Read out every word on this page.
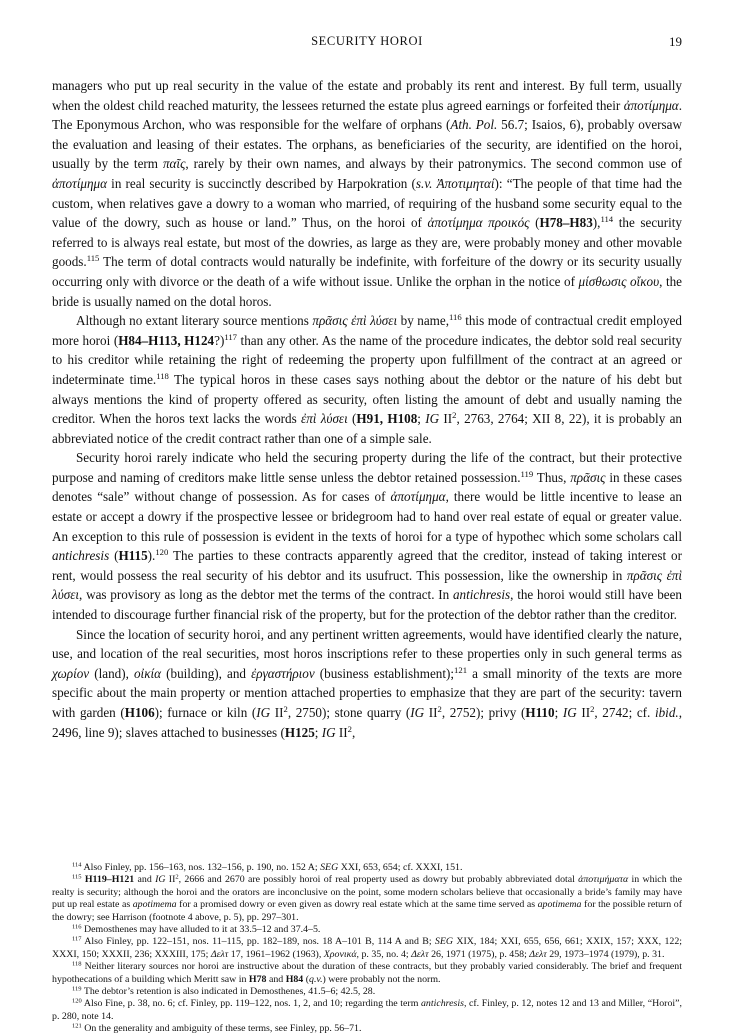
SECURITY HOROI	19

managers who put up real security in the value of the estate and probably its rent and interest. By full term, usually when the oldest child reached maturity, the lessees returned the estate plus agreed earnings or forfeited their ἀποτίμημα. The Eponymous Archon, who was responsible for the welfare of orphans (Ath. Pol. 56.7; Isaios, 6), probably oversaw the evaluation and leasing of their estates. The orphans, as beneficiaries of the security, are identified on the horoi, usually by the term παῖς, rarely by their own names, and always by their patronymics. The second common use of ἀποτίμημα in real security is succinctly described by Harpokration (s.v. Ἀποτιμηταί): “The people of that time had the custom, when relatives gave a dowry to a woman who married, of requiring of the husband some security equal to the value of the dowry, such as house or land.” Thus, on the horoi of ἀποτίμημα προικός (H78–H83),$^{114}$ the security referred to is always real estate, but most of the dowries, as large as they are, were probably money and other movable goods.$^{115}$ The term of dotal contracts would naturally be indefinite, with forfeiture of the dowry or its security usually occurring only with divorce or the death of a wife without issue. Unlike the orphan in the notice of μίσθωσις οἴκου, the bride is usually named on the dotal horos.

Although no extant literary source mentions πρᾶσις ἐπὶ λύσει by name,$^{116}$ this mode of contractual credit employed more horoi (H84–H113, H124?)$^{117}$ than any other. As the name of the procedure indicates, the debtor sold real security to his creditor while retaining the right of redeeming the property upon fulfillment of the contract at an agreed or indeterminate time.$^{118}$ The typical horos in these cases says nothing about the debtor or the nature of his debt but always mentions the kind of property offered as security, often listing the amount of debt and usually naming the creditor. When the horos text lacks the words ἐπὶ λύσει (H91, H108; IG $II^2$, 2763, 2764; XII 8, 22), it is probably an abbreviated notice of the credit contract rather than one of a simple sale.

Security horoi rarely indicate who held the securing property during the life of the contract, but their protective purpose and naming of creditors make little sense unless the debtor retained possession.$^{119}$ Thus, πρᾶσις in these cases denotes “sale” without change of possession. As for cases of ἀποτίμημα, there would be little incentive to lease an estate or accept a dowry if the prospective lessee or bridegroom had to hand over real estate of equal or greater value. An exception to this rule of possession is evident in the texts of horoi for a type of hypothec which some scholars call antichresis (H115).$^{120}$ The parties to these contracts apparently agreed that the creditor, instead of taking interest or rent, would possess the real security of his debtor and its usufruct. This possession, like the ownership in πρᾶσις ἐπὶ λύσει, was provisory as long as the debtor met the terms of the contract. In antichresis, the horoi would still have been intended to discourage further financial risk of the property, but for the protection of the debtor rather than the creditor.

Since the location of security horoi, and any pertinent written agreements, would have identified clearly the nature, use, and location of the real securities, most horos inscriptions refer to these properties only in such general terms as χωρίον (land), οἰκία (building), and ἐργαστήριον (business establishment);$^{121}$ a small minority of the texts are more specific about the main property or mention attached properties to emphasize that they are part of the security: tavern with garden (H106); furnace or kiln (IG $II^2$, 2750); stone quarry (IG $II^2$, 2752); privy (H110; IG $II^2$, 2742; cf. ibid., 2496, line 9); slaves attached to businesses (H125; IG $II^2$,

$^{114}$ Also Finley, pp. 156–163, nos. 132–156, p. 190, no. 152 A; SEG XXI, 653, 654; cf. XXXI, 151.

$^{115}$ H119–H121 and IG $II^2$, 2666 and 2670 are possibly horoi of real property used as dowry but probably abbreviated dotal ἀποτιμήματα in which the realty is security; although the horoi and the orators are inconclusive on the point, some modern scholars believe that occasionally a bride’s family may have put up real estate as apotimema for a promised dowry or even given as dowry real estate which at the same time served as apotimema for the possible return of the dowry; see Harrison (footnote 4 above, p. 5), pp. 297–301.

$^{116}$ Demosthenes may have alluded to it at 33.5–12 and 37.4–5.

$^{117}$ Also Finley, pp. 122–151, nos. 11–115, pp. 182–189, nos. 18 A–101 B, 114 A and B; SEG XIX, 184; XXI, 655, 656, 661; XXIX, 157; XXX, 122; XXXI, 150; XXXII, 236; XXXIII, 175; Δελτ 17, 1961–1962 (1963), Χρονικά, p. 35, no. 4; Δελτ 26, 1971 (1975), p. 458; Δελτ 29, 1973–1974 (1979), p. 31.

$^{118}$ Neither literary sources nor horoi are instructive about the duration of these contracts, but they probably varied considerably. The brief and frequent hypothecations of a building which Meritt saw in H78 and H84 (q.v.) were probably not the norm.

$^{119}$ The debtor’s retention is also indicated in Demosthenes, 41.5–6; 42.5, 28.

$^{120}$ Also Fine, p. 38, no. 6; cf. Finley, pp. 119–122, nos. 1, 2, and 10; regarding the term antichresis, cf. Finley, p. 12, notes 12 and 13 and Miller, “Horoi”, p. 280, note 14.

$^{121}$ On the generality and ambiguity of these terms, see Finley, pp. 56–71.
